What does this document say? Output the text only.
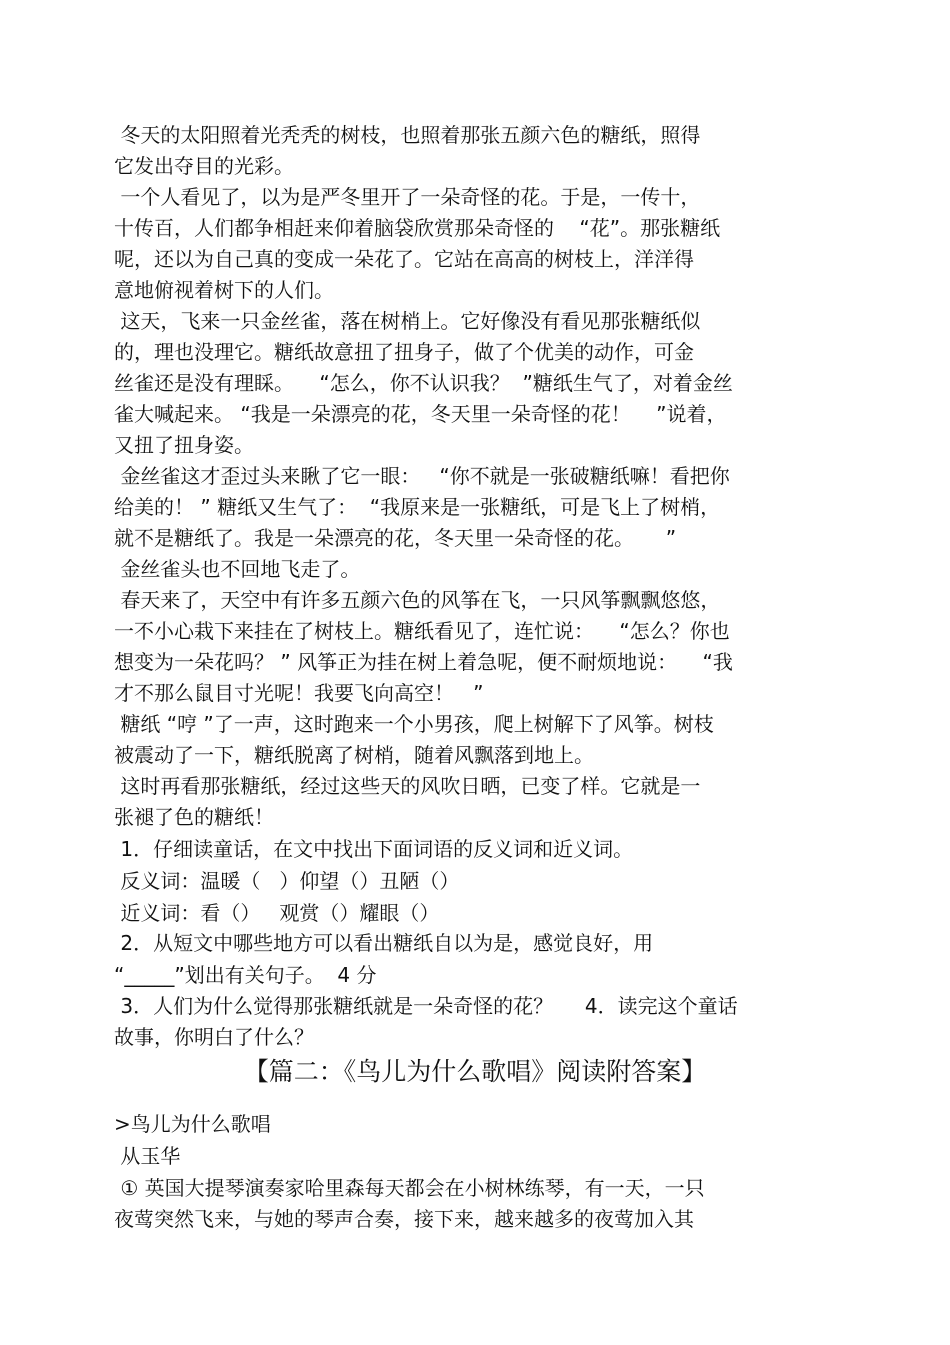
冬天的太阳照着光秃秃的树枝，也照着那张五颜六色的糖纸，照得
它发出夺目的光彩。
一个人看见了，以为是严冬里开了一朵奇怪的花。于是，一传十，
十传百，人们都争相赶来仰着脑袋欣赏那朵奇怪的    “花”。那张糖纸
呢，还以为自己真的变成一朵花了。它站在高高的树枝上，洋洋得
意地俯视着树下的人们。
这天，飞来一只金丝雀，落在树梢上。它好像没有看见那张糖纸似
的，理也没理它。糖纸故意扭了扭身子，做了个优美的动作，可金
丝雀还是没有理睬。    “怎么，你不认识我？  ”糖纸生气了，对着金丝
雀大喊起来。 “我是一朵漂亮的花，冬天里一朵奇怪的花！    ”说着，
又扭了扭身姿。
金丝雀这才歪过头来瞅了它一眼：   “你不就是一张破糖纸嘛！看把你
给美的！ ” 糖纸又生气了：  “我原来是一张糖纸，可是飞上了树梢，
就不是糖纸了。我是一朵漂亮的花，冬天里一朵奇怪的花。     ”
金丝雀头也不回地飞走了。
春天来了，天空中有许多五颜六色的风筝在飞，一只风筝飘飘悠悠，
一不小心栽下来挂在了树枝上。糖纸看见了，连忙说：    “怎么？你也
想变为一朵花吗？ ” 风筝正为挂在树上着急呢，便不耐烦地说：    “我
才不那么鼠目寸光呢！我要飞向高空！   ”
糖纸 “哼 ”了一声，这时跑来一个小男孩，爬上树解下了风筝。树枝
被震动了一下，糖纸脱离了树梢，随着风飘落到地上。
这时再看那张糖纸，经过这些天的风吹日晒，已变了样。它就是一
张褪了色的糖纸！
1．仔细读童话，在文中找出下面词语的反义词和近义词。
反义词：温暖（   ）仰望（）丑陋（）
近义词：看（）   观赏（）耀眼（）
2．从短文中哪些地方可以看出糖纸自以为是，感觉良好，用
“_____”划出有关句子。  4 分
3．人们为什么觉得那张糖纸就是一朵奇怪的花？     4．读完这个童话
故事，你明白了什么？
【篇二：《鸟儿为什么歌唱》阅读附答案】
>鸟儿为什么歌唱
从玉华
① 英国大提琴演奏家哈里森每天都会在小树林练琴，有一天，一只
夜莺突然飞来，与她的琴声合奏，接下来，越来越多的夜莺加入其
